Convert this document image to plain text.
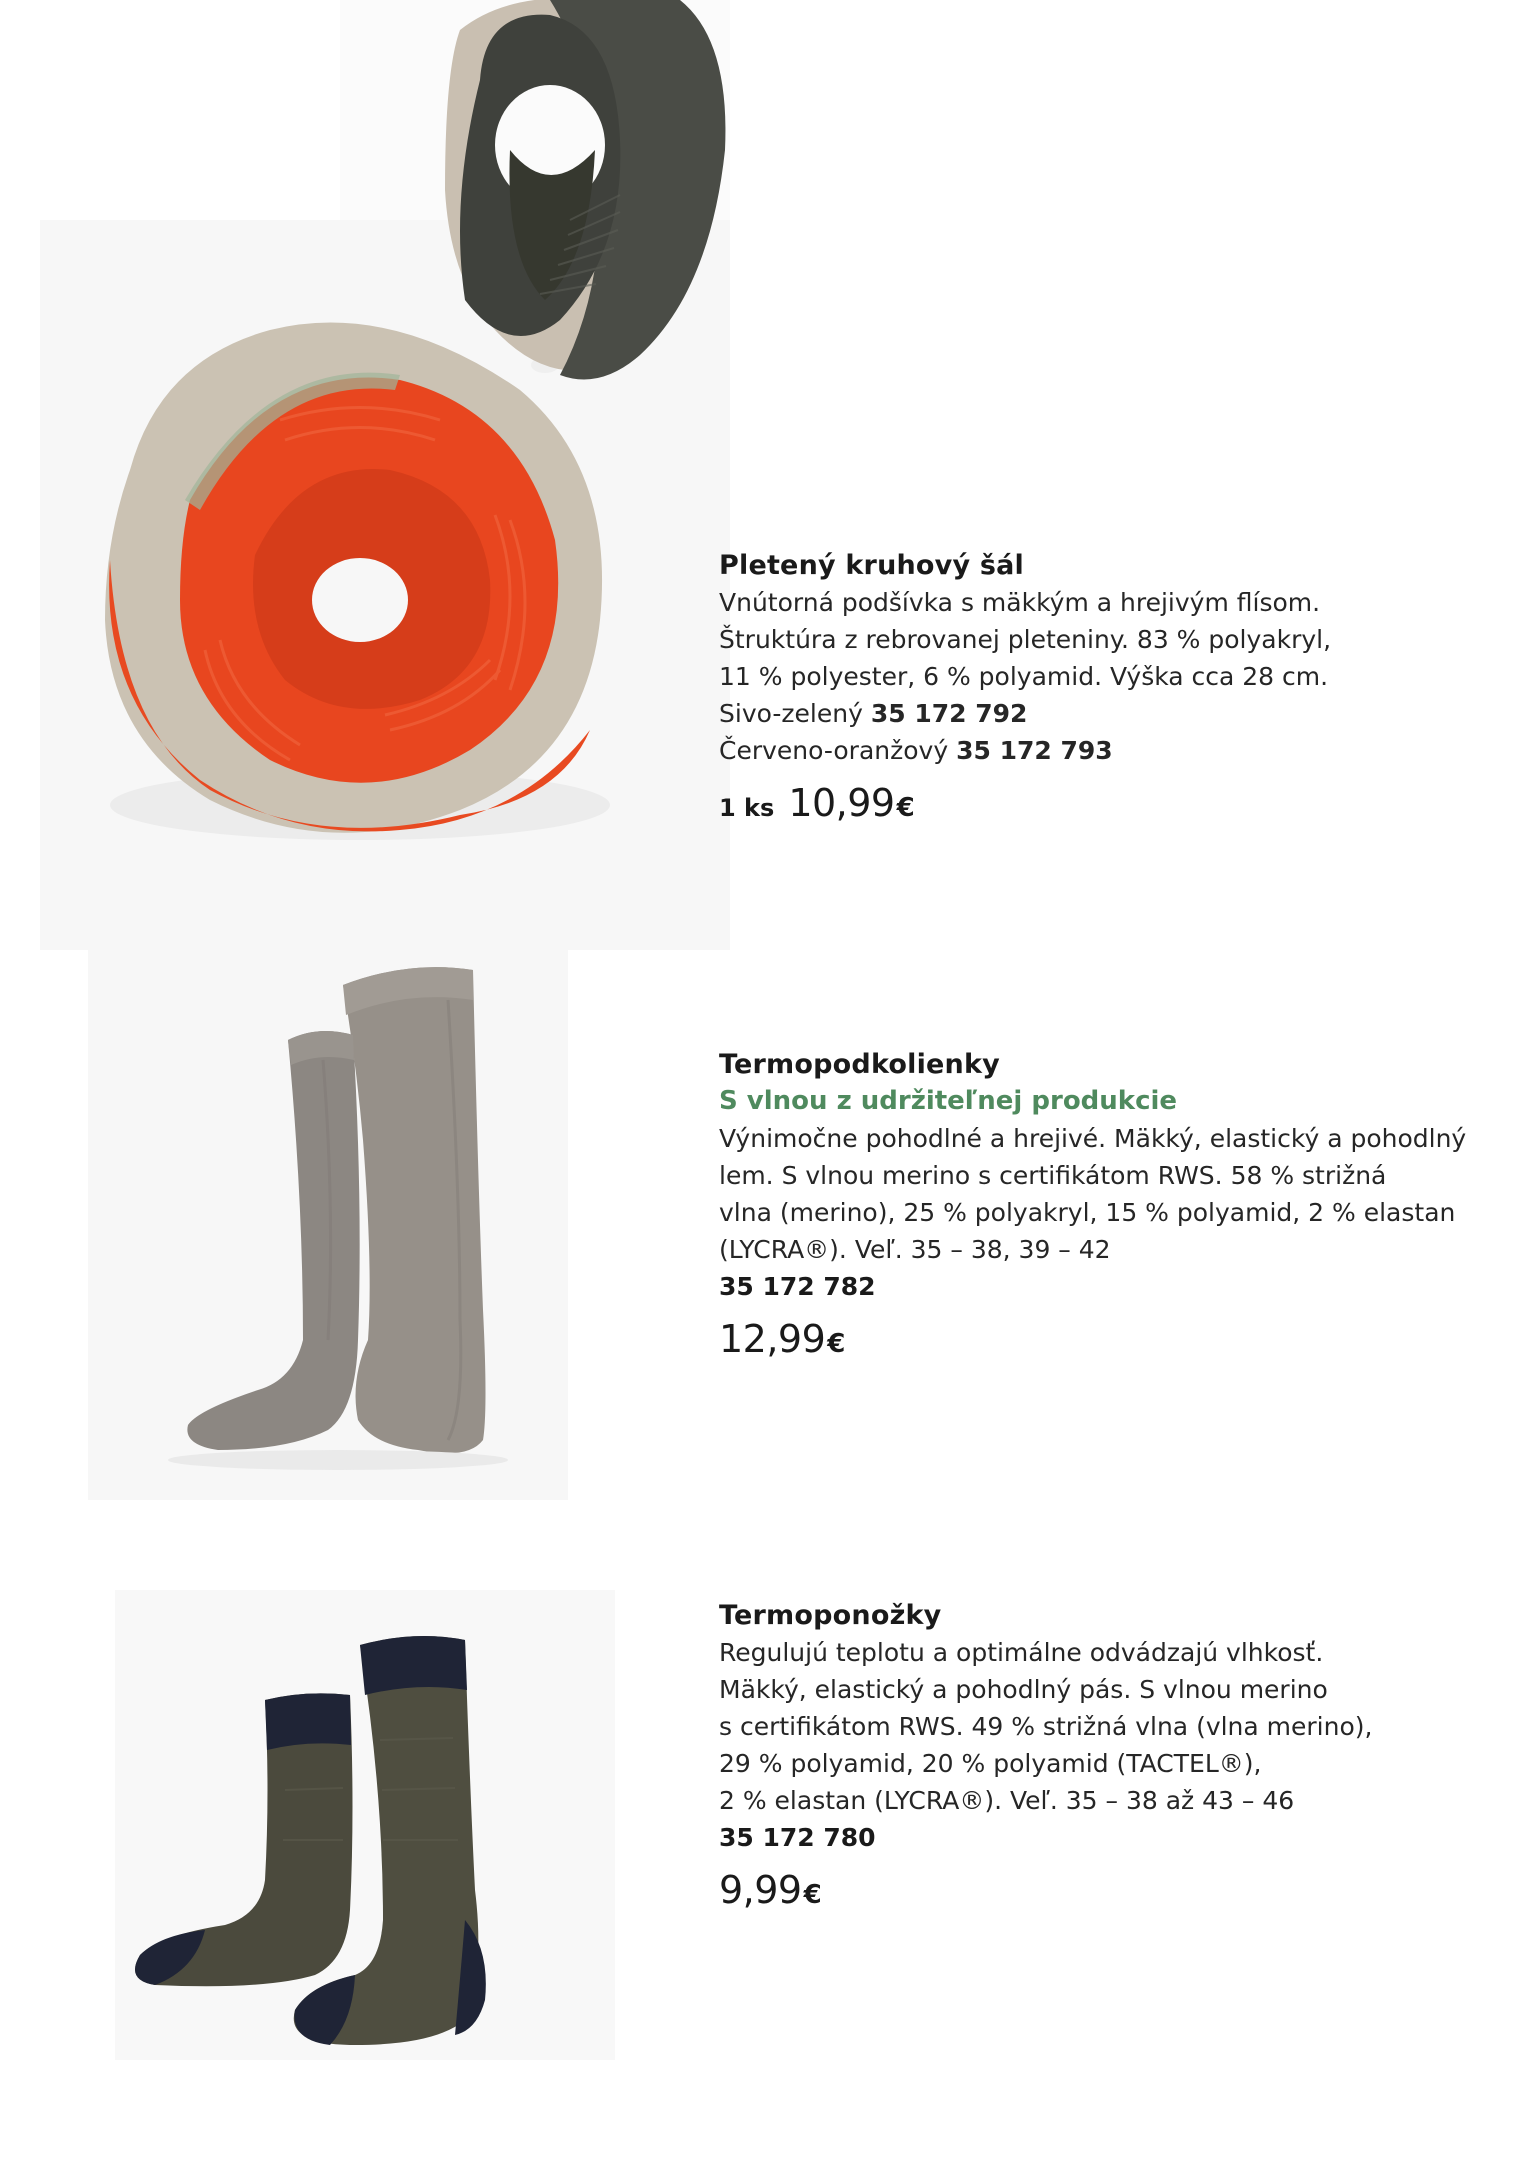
Pletený kruhový šál
Vnútorná podšívka s mäkkým a hrejivým flísom.
Štruktúra z rebrovanej pleteniny. 83 % polyakryl,
11 % polyester, 6 % polyamid. Výška cca 28 cm.
Sivo-zelený 35 172 792
Červeno-oranžový 35 172 793
1 ks 10,99€
Termopodkolienky
S vlnou z udržiteľnej produkcie
Výnimočne pohodlné a hrejivé. Mäkký, elastický a pohodlný
lem. S vlnou merino s certifikátom RWS. 58 % strižná
vlna (merino), 25 % polyakryl, 15 % polyamid, 2 % elastan
(LYCRA®). Veľ. 35 – 38, 39 – 42
35 172 782
12,99€
Termoponožky
Regulujú teplotu a optimálne odvádzajú vlhkosť.
Mäkký, elastický a pohodlný pás. S vlnou merino
s certifikátom RWS. 49 % strižná vlna (vlna merino),
29 % polyamid, 20 % polyamid (TACTEL®),
2 % elastan (LYCRA®). Veľ. 35 – 38 až 43 – 46
35 172 780
9,99€
